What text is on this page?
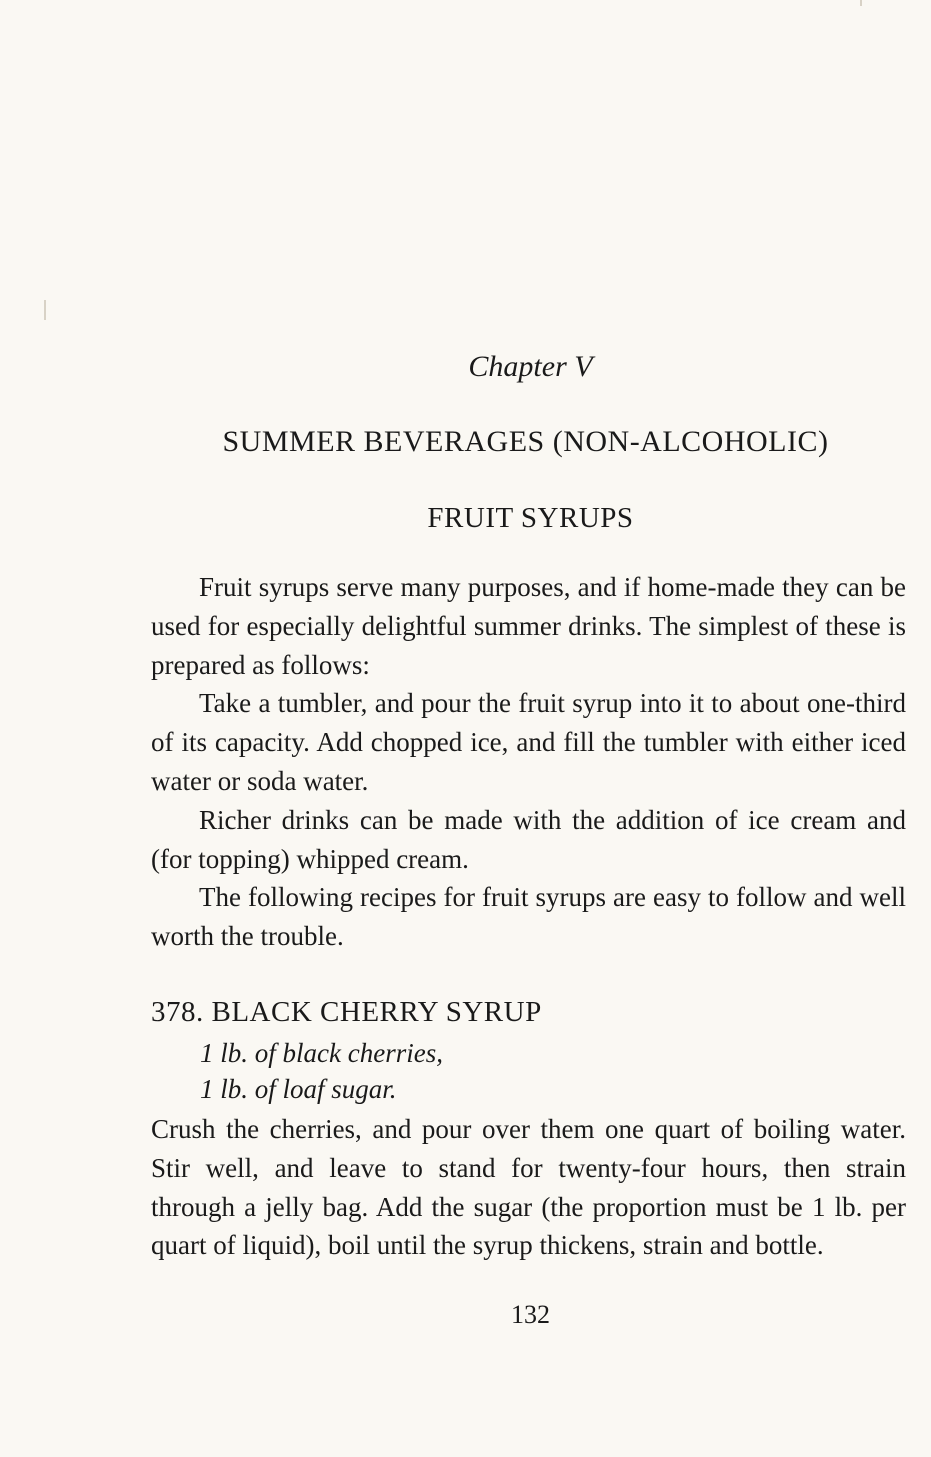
Chapter V
SUMMER BEVERAGES (NON-ALCOHOLIC)
FRUIT SYRUPS

Fruit syrups serve many purposes, and if home-made they can be used for especially delightful summer drinks. The simplest of these is prepared as follows:

Take a tumbler, and pour the fruit syrup into it to about one-third of its capacity. Add chopped ice, and fill the tumbler with either iced water or soda water.

Richer drinks can be made with the addition of ice cream and (for topping) whipped cream.

The following recipes for fruit syrups are easy to follow and well worth the trouble.

378. BLACK CHERRY SYRUP
1 lb. of black cherries,
1 lb. of loaf sugar.

Crush the cherries, and pour over them one quart of boiling water. Stir well, and leave to stand for twenty-four hours, then strain through a jelly bag. Add the sugar (the proportion must be 1 lb. per quart of liquid), boil until the syrup thickens, strain and bottle.

132
